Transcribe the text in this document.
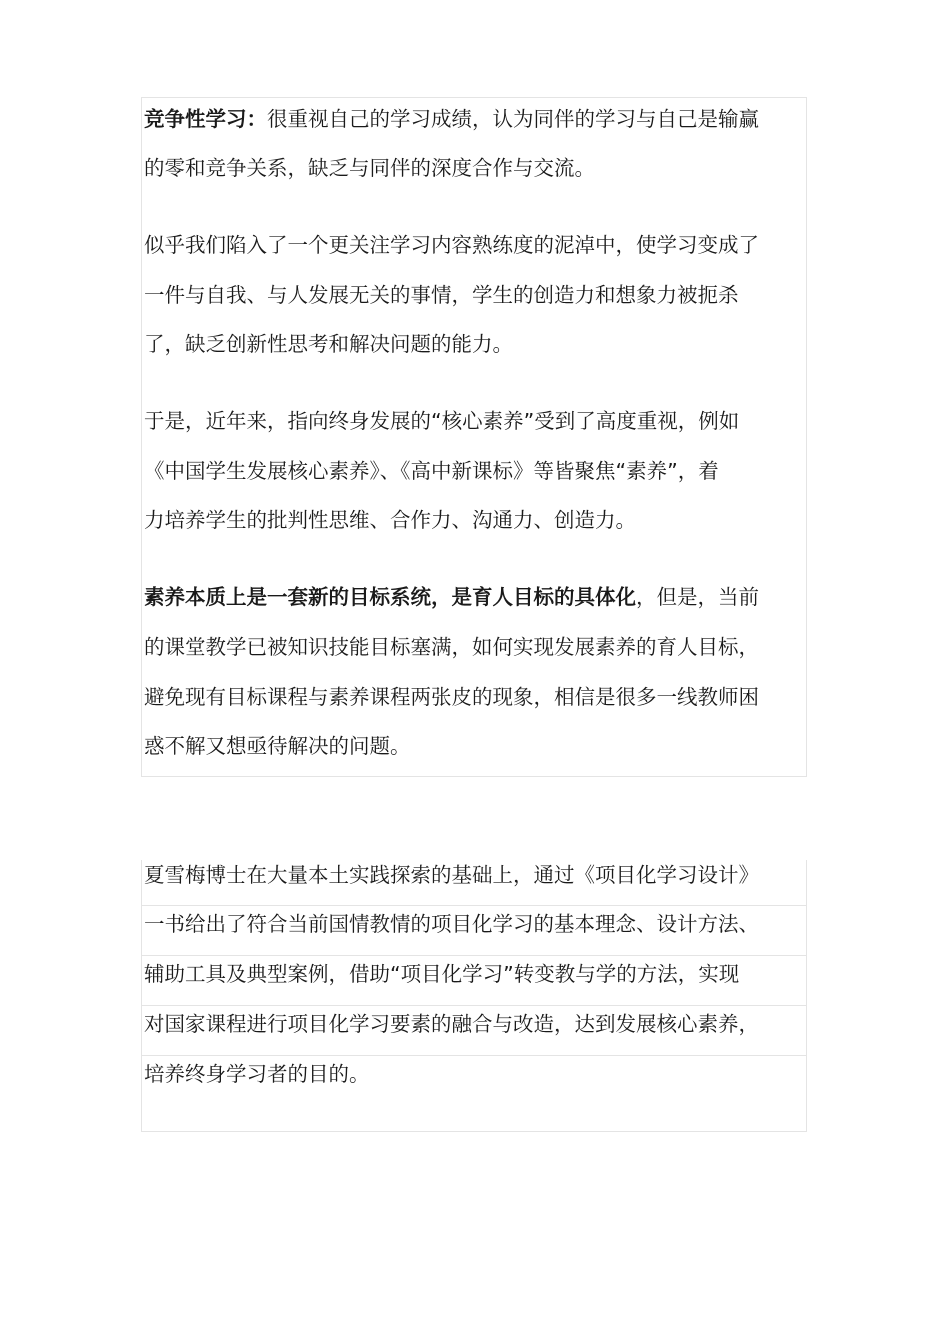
竞争性学习：很重视自己的学习成绩，认为同伴的学习与自己是输赢
的零和竞争关系，缺乏与同伴的深度合作与交流。
似乎我们陷入了一个更关注学习内容熟练度的泥淖中，使学习变成了
一件与自我、与人发展无关的事情，学生的创造力和想象力被扼杀
了，缺乏创新性思考和解决问题的能力。
于是，近年来，指向终身发展的“核心素养”受到了高度重视，例如
《中国学生发展核心素养》、《高中新课标》等皆聚焦“素养”，着
力培养学生的批判性思维、合作力、沟通力、创造力。
素养本质上是一套新的目标系统，是育人目标的具体化，但是，当前
的课堂教学已被知识技能目标塞满，如何实现发展素养的育人目标，
避免现有目标课程与素养课程两张皮的现象，相信是很多一线教师困
惑不解又想亟待解决的问题。
夏雪梅博士在大量本土实践探索的基础上，通过《项目化学习设计》
一书给出了符合当前国情教情的项目化学习的基本理念、设计方法、
辅助工具及典型案例，借助“项目化学习”转变教与学的方法，实现
对国家课程进行项目化学习要素的融合与改造，达到发展核心素养，
培养终身学习者的目的。
